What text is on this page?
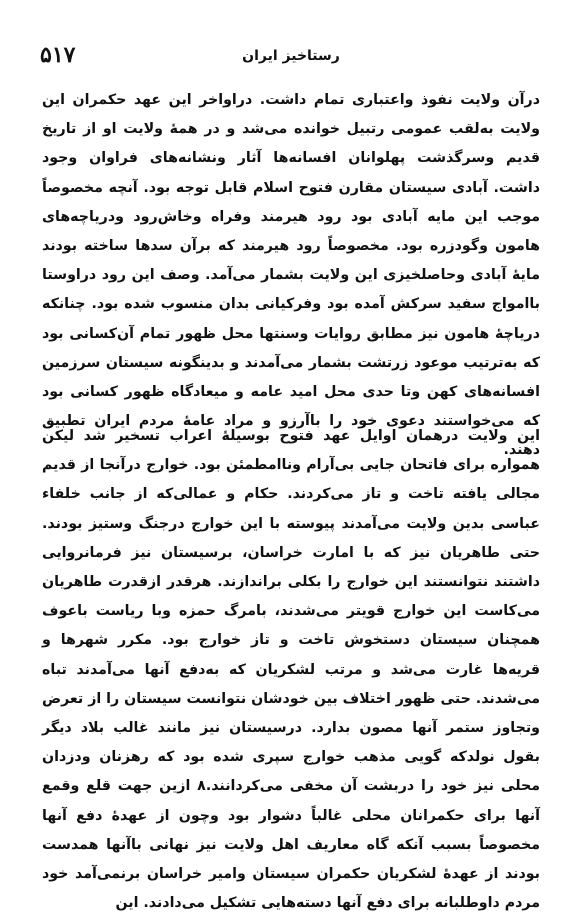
۵۱۷	رستاخیز ایران

درآن ولایت نفوذ واعتباری تمام داشت. دراواخر این عهد حکمران این ولایت به‌لقب عمومی رتبیل خوانده می‌شد و در همهٔ ولایت او از تاریخ قدیم وسرگذشت پهلوانان افسانه‌ها آثار ونشانه‌های فراوان وجود داشت. آبادی سیستان مقارن فتوح اسلام قابل توجه بود. آنچه مخصوصاً موجب این مایه آبادی بود رود هیرمند وفراه وخاش‌رود ودریاچه‌های هامون وگودزره بود. مخصوصاً رود هیرمند که برآن سدها ساخته بودند مایهٔ آبادی وحاصلخیزی این ولایت بشمار می‌آمد. وصف این رود دراوستا باامواج سفید سرکش آمده بود وفرکیانی بدان منسوب شده بود. چنانکه دریاچهٔ هامون نیز مطابق روایات وسنتها محل ظهور تمام آن‌کسانی بود که به‌ترتیب موعود زرتشت بشمار می‌آمدند و بدینگونه سیستان سرزمین افسانه‌های کهن وتا حدی محل امید عامه و میعادگاه ظهور کسانی بود که می‌خواستند دعوی خود را باآرزو و مراد عامهٔ مردم ایران تطبیق دهند.

این ولایت درهمان اوایل عهد فتوح بوسیلهٔ اعراب تسخیر شد لیکن همواره برای فاتحان جایی بی‌آرام وناامطمئن بود. خوارج درآنجا از قدیم مجالی یافته تاخت و تاز می‌کردند. حکام و عمالی‌که از جانب خلفاء عباسی بدین ولایت می‌آمدند پیوسته با این خوارج درجنگ وستیز بودند. حتی طاهریان نیز که با امارت خراسان، برسیستان نیز فرمانروایی داشتند نتوانستند این خوارج را بکلی براندازند. هرقدر ازقدرت طاهریان می‌کاست این خوارج قویتر می‌شدند، بامرگ حمزه وبا ریاست باعوف همچنان سیستان دستخوش تاخت و تاز خوارج بود. مکرر شهرها و قریه‌ها غارت می‌شد و مرتب لشکریان که به‌دفع آنها می‌آمدند تباه می‌شدند. حتی ظهور اختلاف بین خودشان نتوانست سیستان را از تعرض وتجاوز ستمر آنها مصون بدارد. درسیستان نیز مانند غالب بلاد دیگر بقول نولدکه گویی مذهب خوارج سپری شده بود که رهزنان ودزدان محلی نیز خود را دربشت آن مخفی می‌کردانند.۸ ازین جهت قلع وقمع آنها برای حکمرانان محلی غالباً دشوار بود وچون از عهدهٔ دفع آنها مخصوصاً بسبب آنکه گاه معاریف اهل ولایت نیز نهانی باآنها همدست بودند از عهدهٔ لشکریان حکمران سیستان وامیر خراسان برنمی‌آمد خود مردم داوطلبانه برای دفع آنها دسته‌هایی تشکیل می‌دادند. این
